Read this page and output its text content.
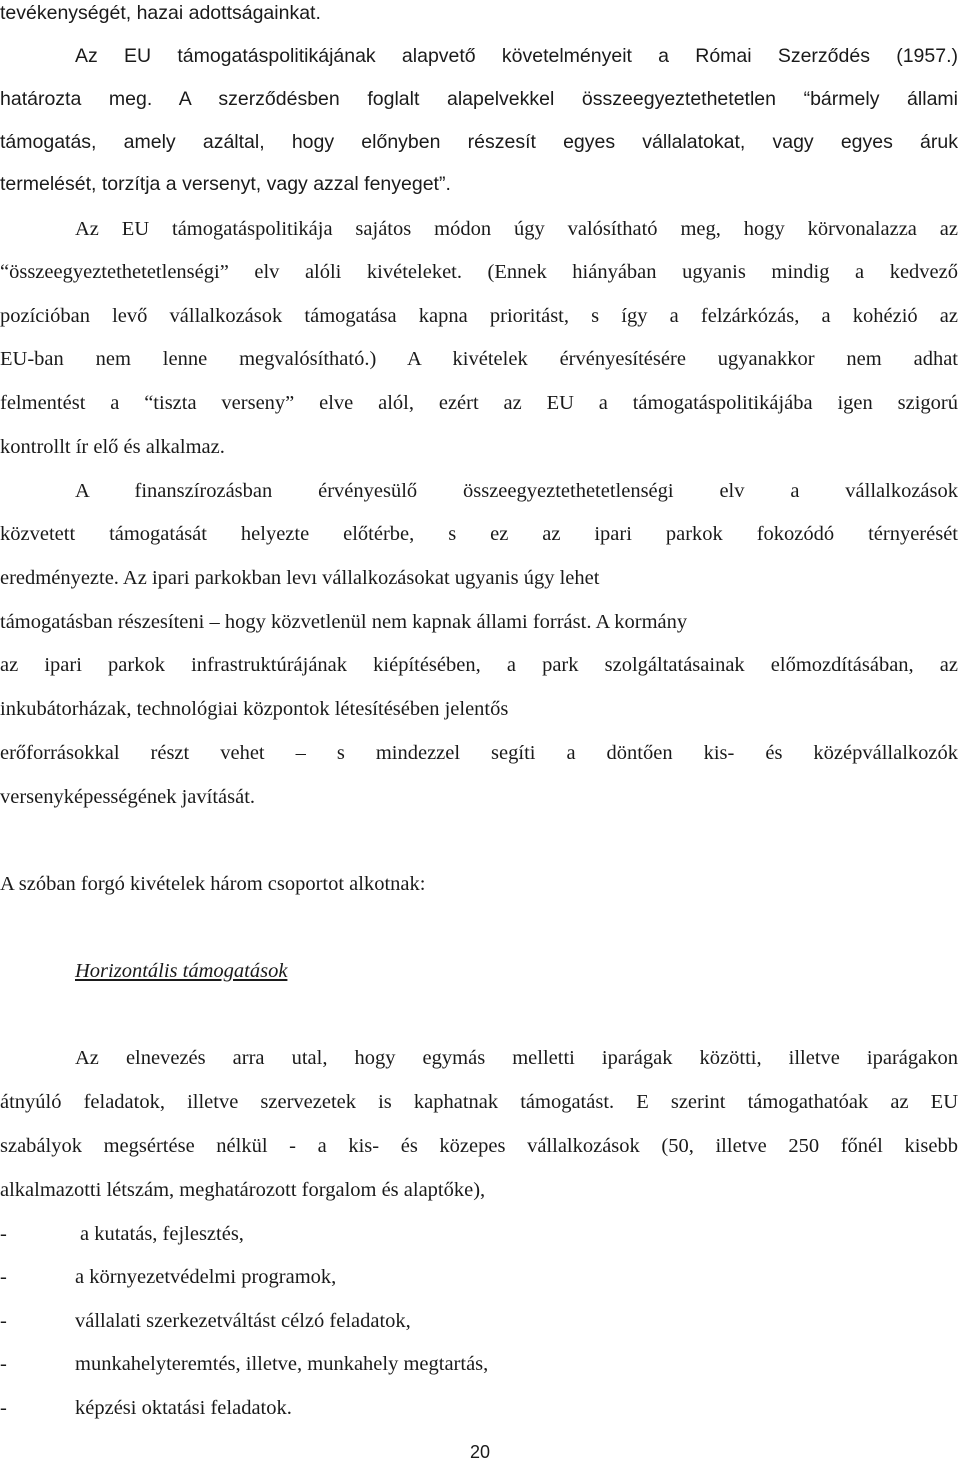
tevékenységét, hazai adottságainkat.
Az EU támogatáspolitikájának alapvető követelményeit a Római Szerződés (1957.)
határozta meg. A szerződésben foglalt alapelvekkel összeegyeztethetetlen “bármely állami
támogatás, amely azáltal, hogy előnyben részesít egyes vállalatokat, vagy egyes áruk
termelését, torzítja a versenyt, vagy azzal fenyeget”.
Az EU támogatáspolitikája sajátos módon úgy valósítható meg, hogy körvonalazza az
“összeegyeztethetetlenségi” elv alóli kivételeket. (Ennek hiányában ugyanis mindig a kedvező
pozícióban levő vállalkozások támogatása kapna prioritást, s így a felzárkózás, a kohézió az
EU-ban nem lenne megvalósítható.) A kivételek érvényesítésére ugyanakkor nem adhat
felmentést a “tiszta verseny” elve alól, ezért az EU a támogatáspolitikájába igen szigorú
kontrollt ír elő és alkalmaz.
A finanszírozásban érvényesülő összeegyeztethetetlenségi elv a vállalkozások
közvetett támogatását helyezte előtérbe, s ez az ipari parkok fokozódó térnyerését
eredményezte. Az ipari parkokban levı vállalkozásokat ugyanis úgy lehet
támogatásban részesíteni – hogy közvetlenül nem kapnak állami forrást. A kormány
az ipari parkok infrastruktúrájának kiépítésében, a park szolgáltatásainak előmozdításában, az
inkubátorházak, technológiai központok létesítésében jelentős
erőforrásokkal részt vehet – s mindezzel segíti a döntően kis- és középvállalkozók
versenyképességének javítását.
A szóban forgó kivételek három csoportot alkotnak:
Horizontális támogatások
Az elnevezés arra utal, hogy egymás melletti iparágak közötti, illetve iparágakon
átnyúló feladatok, illetve szervezetek is kaphatnak támogatást. E szerint támogathatóak az EU
szabályok megsértése nélkül - a kis- és közepes vállalkozások (50, illetve 250 főnél kisebb
alkalmazotti létszám, meghatározott forgalom és alaptőke),
-	a kutatás, fejlesztés,
-	a környezetvédelmi programok,
-	vállalati szerkezetváltást célzó feladatok,
-	munkahelyteremtés, illetve, munkahely megtartás,
-	képzési oktatási feladatok.
20
